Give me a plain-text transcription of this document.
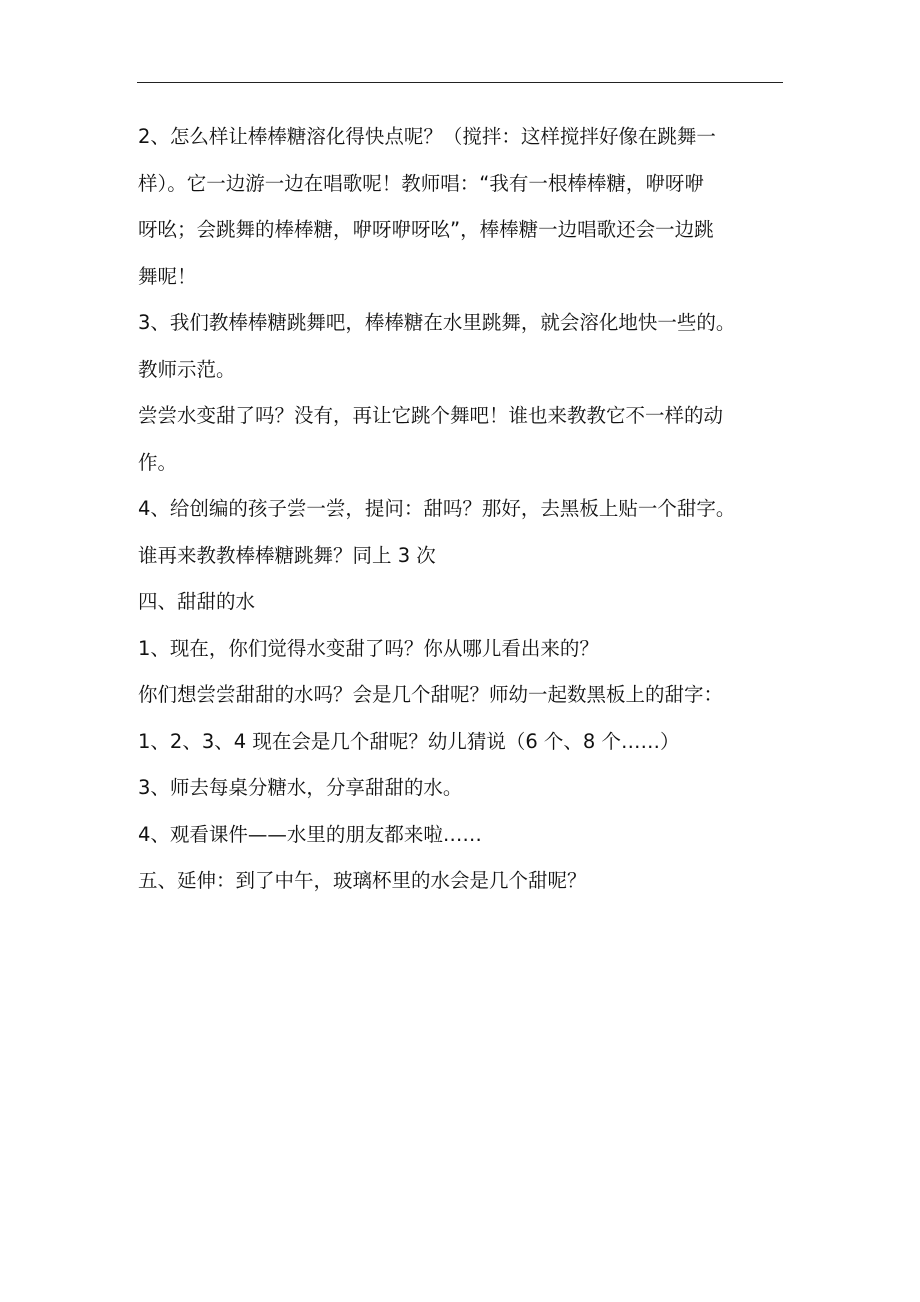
2、怎么样让棒棒糖溶化得快点呢？（搅拌：这样搅拌好像在跳舞一
样）。它一边游一边在唱歌呢！教师唱：“我有一根棒棒糖，咿呀咿
呀吆；会跳舞的棒棒糖，咿呀咿呀吆”，棒棒糖一边唱歌还会一边跳
舞呢！
3、我们教棒棒糖跳舞吧，棒棒糖在水里跳舞，就会溶化地快一些的。
教师示范。
尝尝水变甜了吗？没有，再让它跳个舞吧！谁也来教教它不一样的动
作。
4、给创编的孩子尝一尝，提问：甜吗？那好，去黑板上贴一个甜字。
谁再来教教棒棒糖跳舞？同上 3 次
四、甜甜的水
1、现在，你们觉得水变甜了吗？你从哪儿看出来的？
你们想尝尝甜甜的水吗？会是几个甜呢？师幼一起数黑板上的甜字：
1、2、3、4 现在会是几个甜呢？幼儿猜说（6 个、8 个……）
3、师去每桌分糖水，分享甜甜的水。
4、观看课件——水里的朋友都来啦……
五、延伸：到了中午，玻璃杯里的水会是几个甜呢？
